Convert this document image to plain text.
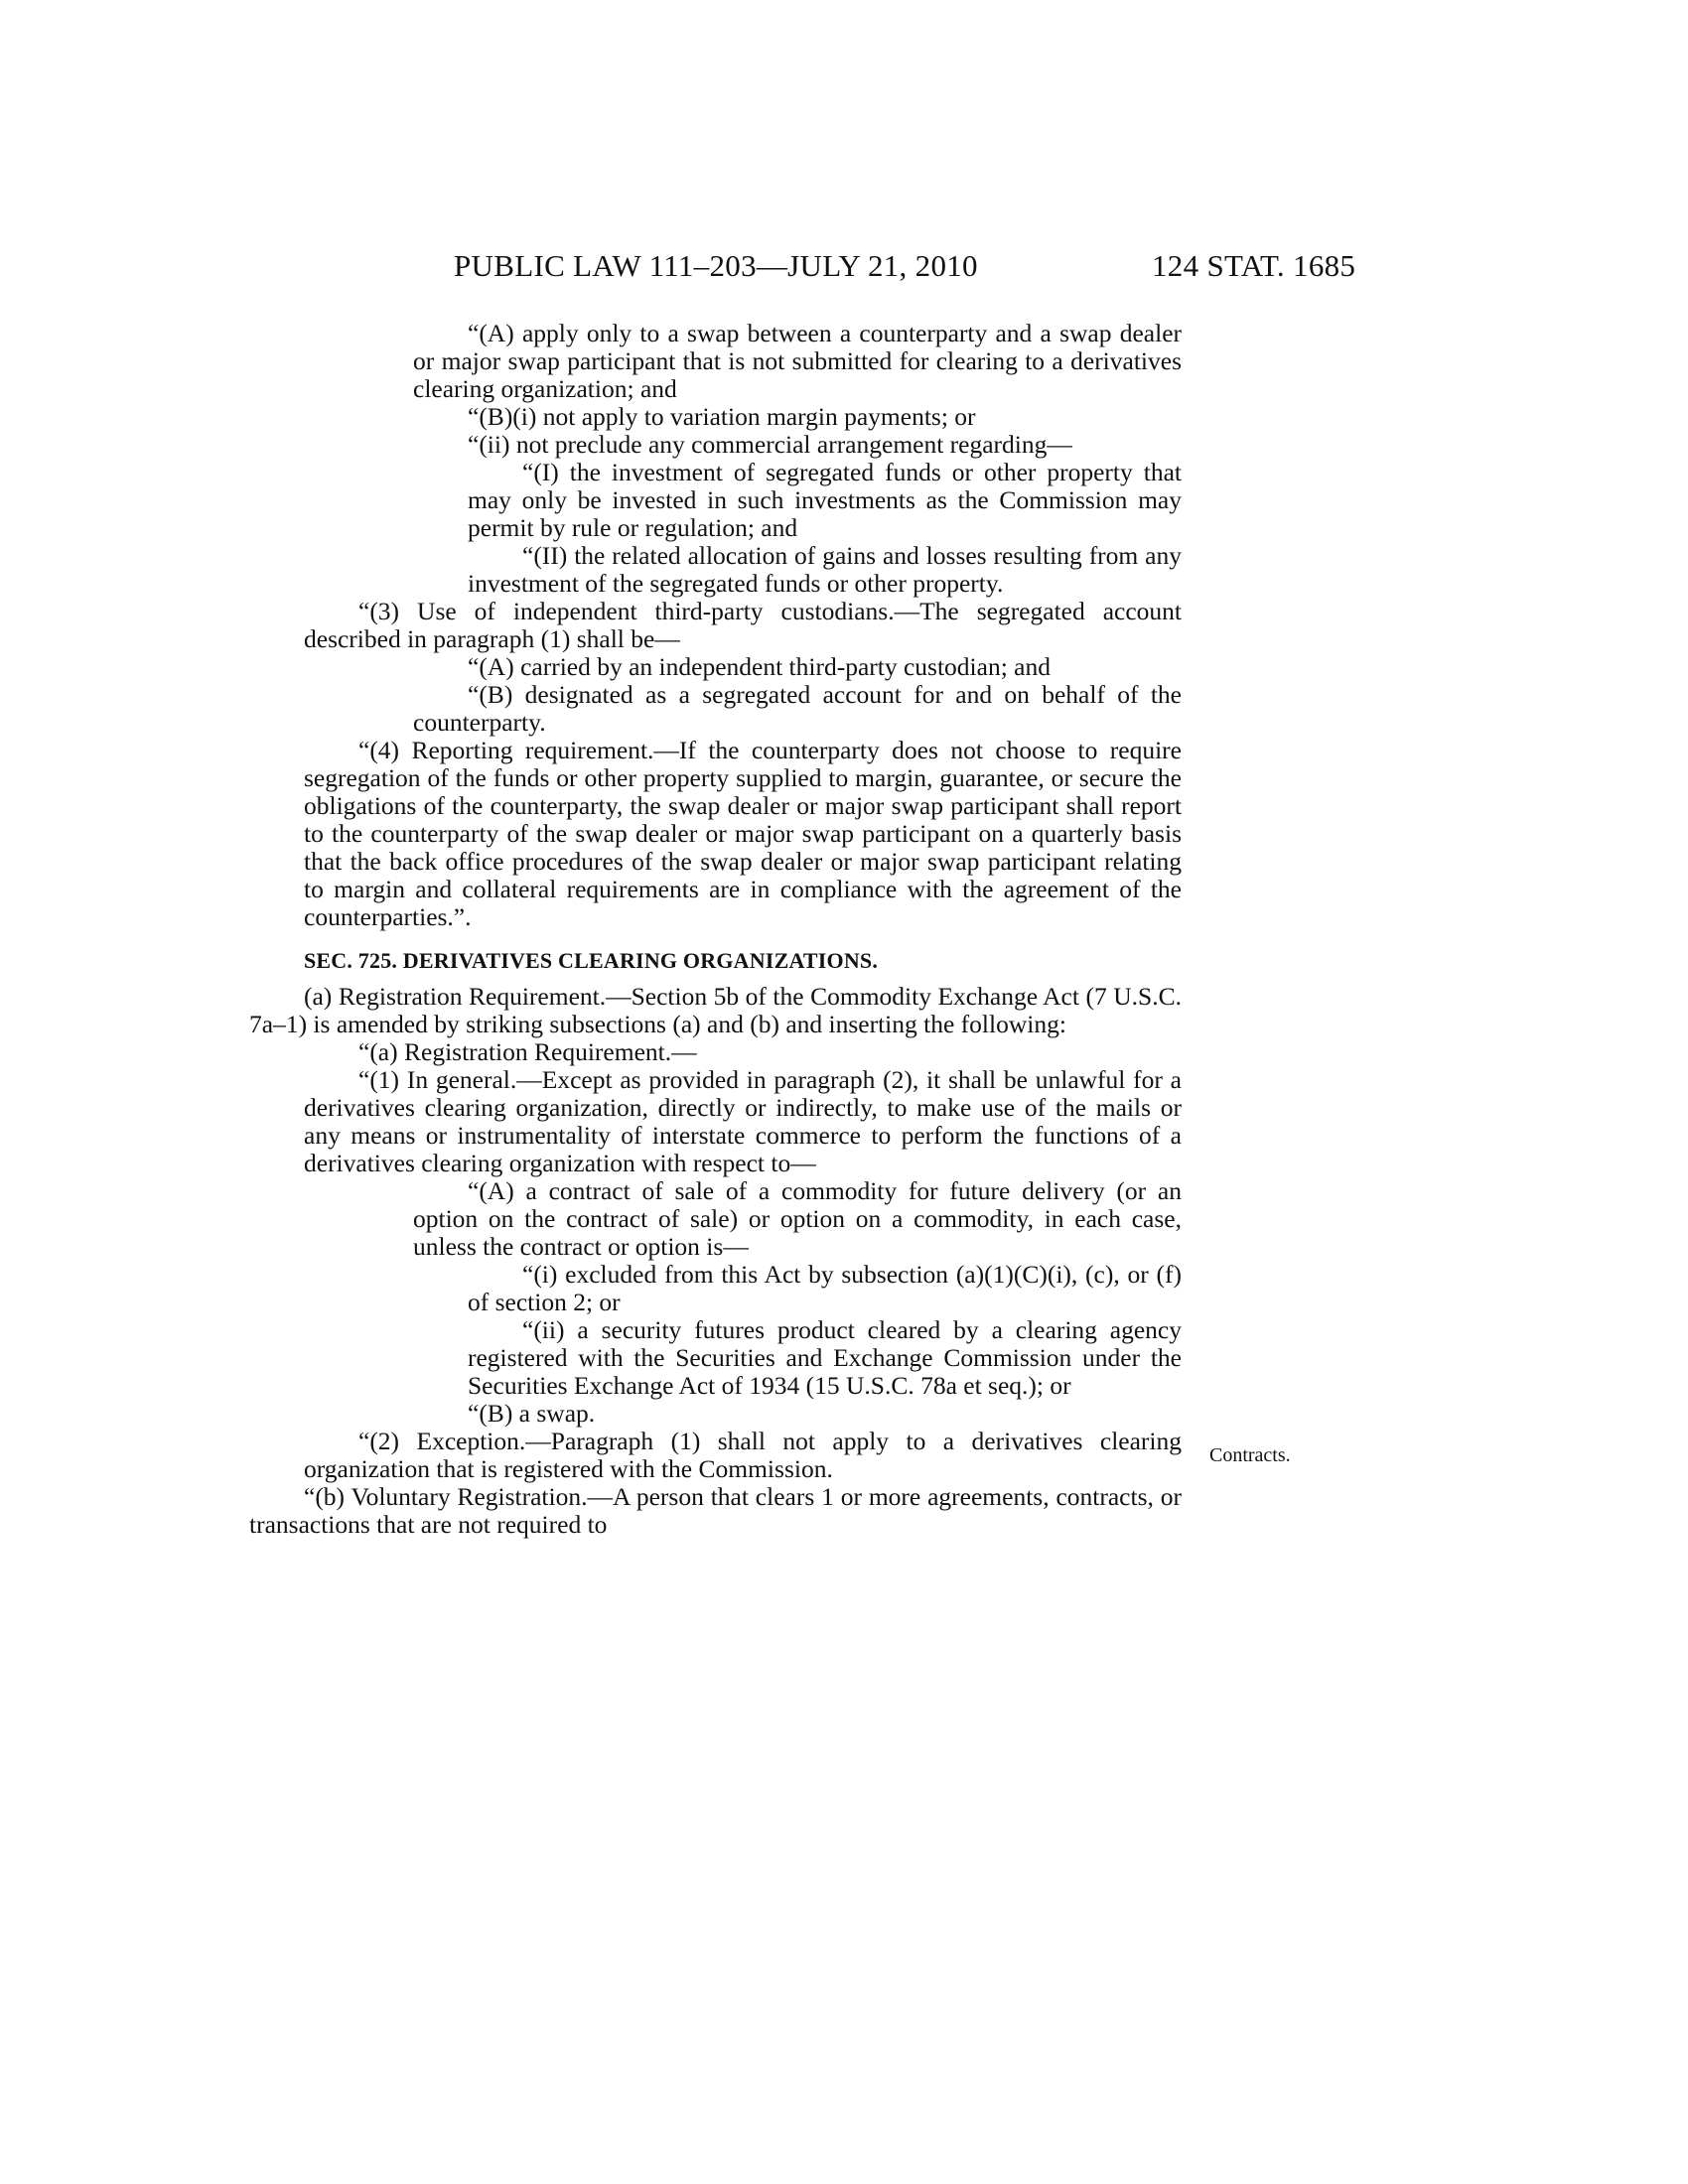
PUBLIC LAW 111–203—JULY 21, 2010	124 STAT. 1685

“(A) apply only to a swap between a counterparty and a swap dealer or major swap participant that is not submitted for clearing to a derivatives clearing organization; and

“(B)(i) not apply to variation margin payments; or

“(ii) not preclude any commercial arrangement regarding—

“(I) the investment of segregated funds or other property that may only be invested in such investments as the Commission may permit by rule or regulation; and

“(II) the related allocation of gains and losses resulting from any investment of the segregated funds or other property.

“(3) Use of independent third-party custodians.—The segregated account described in paragraph (1) shall be—

“(A) carried by an independent third-party custodian; and

“(B) designated as a segregated account for and on behalf of the counterparty.

“(4) Reporting requirement.—If the counterparty does not choose to require segregation of the funds or other property supplied to margin, guarantee, or secure the obligations of the counterparty, the swap dealer or major swap participant shall report to the counterparty of the swap dealer or major swap participant on a quarterly basis that the back office procedures of the swap dealer or major swap participant relating to margin and collateral requirements are in compliance with the agreement of the counterparties.”.

SEC. 725. DERIVATIVES CLEARING ORGANIZATIONS.

(a) Registration Requirement.—Section 5b of the Commodity Exchange Act (7 U.S.C. 7a–1) is amended by striking subsections (a) and (b) and inserting the following:

“(a) Registration Requirement.—

“(1) In general.—Except as provided in paragraph (2), it shall be unlawful for a derivatives clearing organization, directly or indirectly, to make use of the mails or any means or instrumentality of interstate commerce to perform the functions of a derivatives clearing organization with respect to—

“(A) a contract of sale of a commodity for future delivery (or an option on the contract of sale) or option on a commodity, in each case, unless the contract or option is—

“(i) excluded from this Act by subsection (a)(1)(C)(i), (c), or (f) of section 2; or

“(ii) a security futures product cleared by a clearing agency registered with the Securities and Exchange Commission under the Securities Exchange Act of 1934 (15 U.S.C. 78a et seq.); or

“(B) a swap.

“(2) Exception.—Paragraph (1) shall not apply to a derivatives clearing organization that is registered with the Commission.

“(b) Voluntary Registration.—A person that clears 1 or more agreements, contracts, or transactions that are not required to

Contracts.
